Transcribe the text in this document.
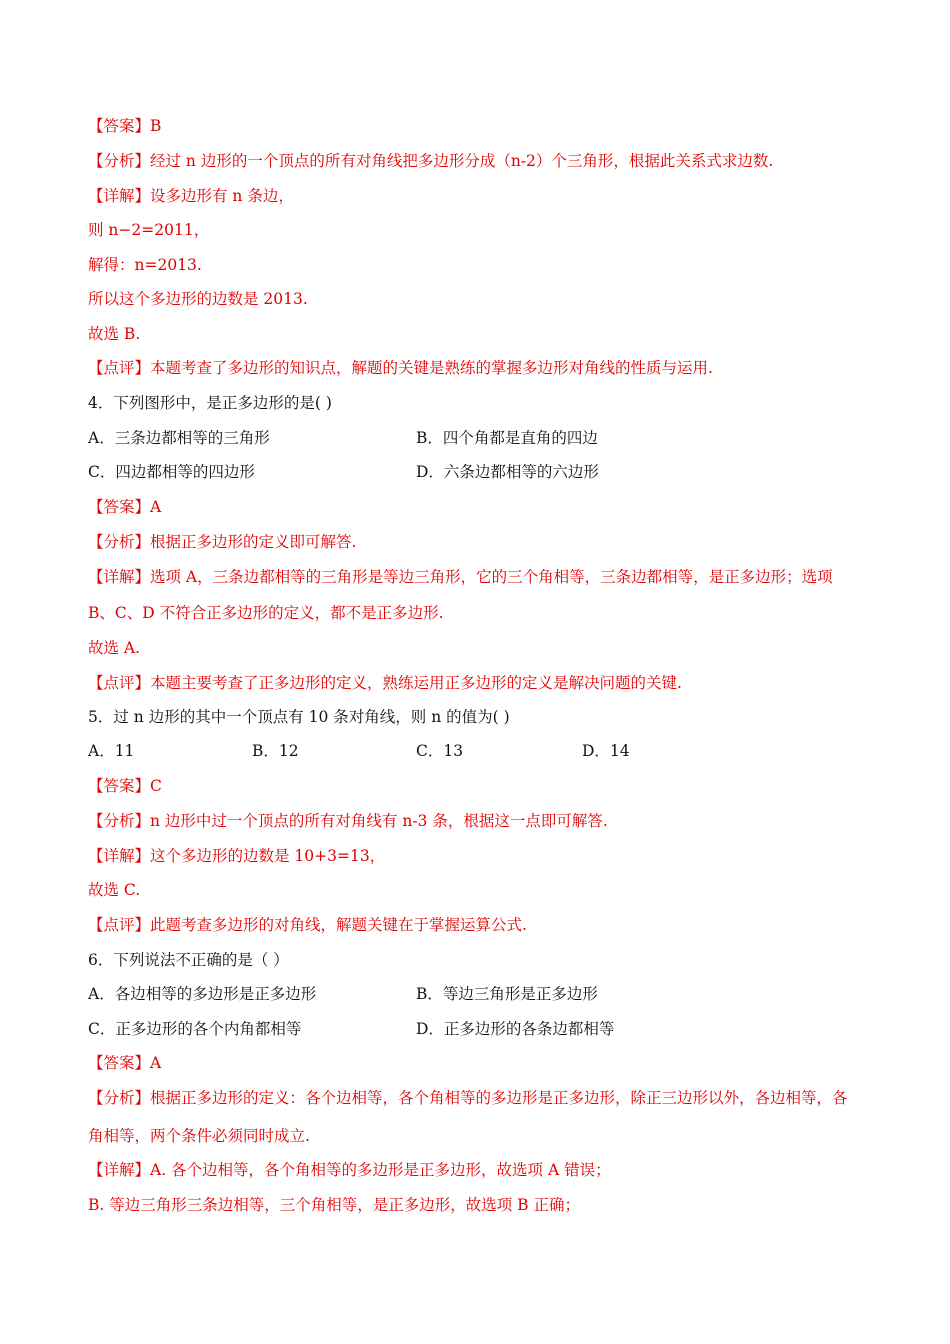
【答案】B
【分析】经过 n 边形的一个顶点的所有对角线把多边形分成（n-2）个三角形，根据此关系式求边数.
【详解】设多边形有 n 条边，
则 n−2=2011，
解得：n=2013.
所以这个多边形的边数是 2013.
故选 B.
【点评】本题考查了多边形的知识点，解题的关键是熟练的掌握多边形对角线的性质与运用.
4．下列图形中，是正多边形的是( )
A．三条边都相等的三角形	B．四个角都是直角的四边
C．四边都相等的四边形	D．六条边都相等的六边形
【答案】A
【分析】根据正多边形的定义即可解答.
【详解】选项 A，三条边都相等的三角形是等边三角形，它的三个角相等，三条边都相等，是正多边形；选项
B、C、D 不符合正多边形的定义，都不是正多边形.
故选 A.
【点评】本题主要考查了正多边形的定义，熟练运用正多边形的定义是解决问题的关键.
5．过 n 边形的其中一个顶点有 10 条对角线，则 n 的值为( )
A．11	B．12	C．13	D．14
【答案】C
【分析】n 边形中过一个顶点的所有对角线有 n-3 条，根据这一点即可解答.
【详解】这个多边形的边数是 10+3=13，
故选 C.
【点评】此题考查多边形的对角线，解题关键在于掌握运算公式.
6．下列说法不正确的是（ ）
A．各边相等的多边形是正多边形	B．等边三角形是正多边形
C．正多边形的各个内角都相等	D．正多边形的各条边都相等
【答案】A
【分析】根据正多边形的定义：各个边相等，各个角相等的多边形是正多边形，除正三边形以外，各边相等，各
角相等，两个条件必须同时成立.
【详解】A. 各个边相等，各个角相等的多边形是正多边形，故选项 A 错误；
B. 等边三角形三条边相等，三个角相等，是正多边形，故选项 B 正确；
